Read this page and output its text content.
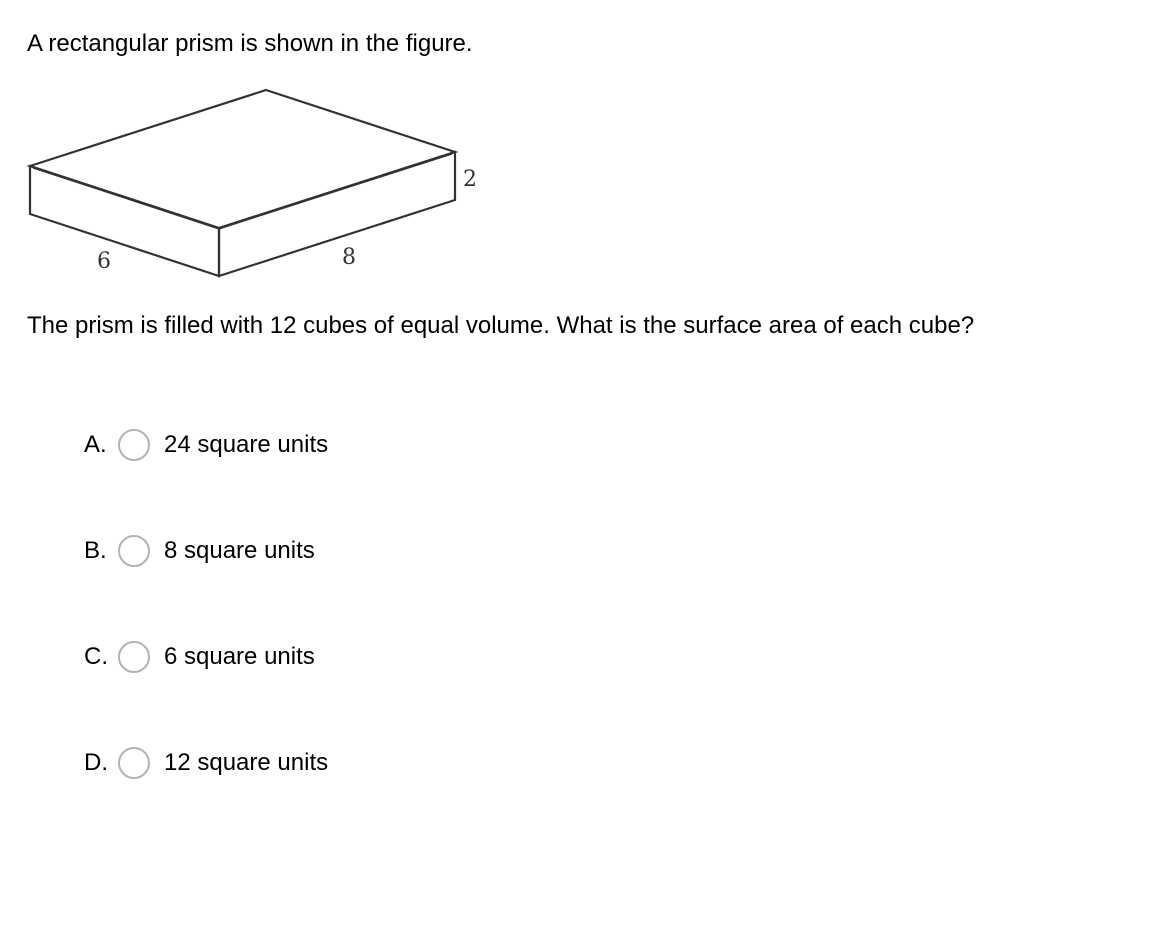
A rectangular prism is shown in the figure.
6	8
2
The prism is filled with 12 cubes of equal volume. What is the surface area of each cube?
A.	24 square units
B.	8 square units
C.	6 square units
D.	12 square units
